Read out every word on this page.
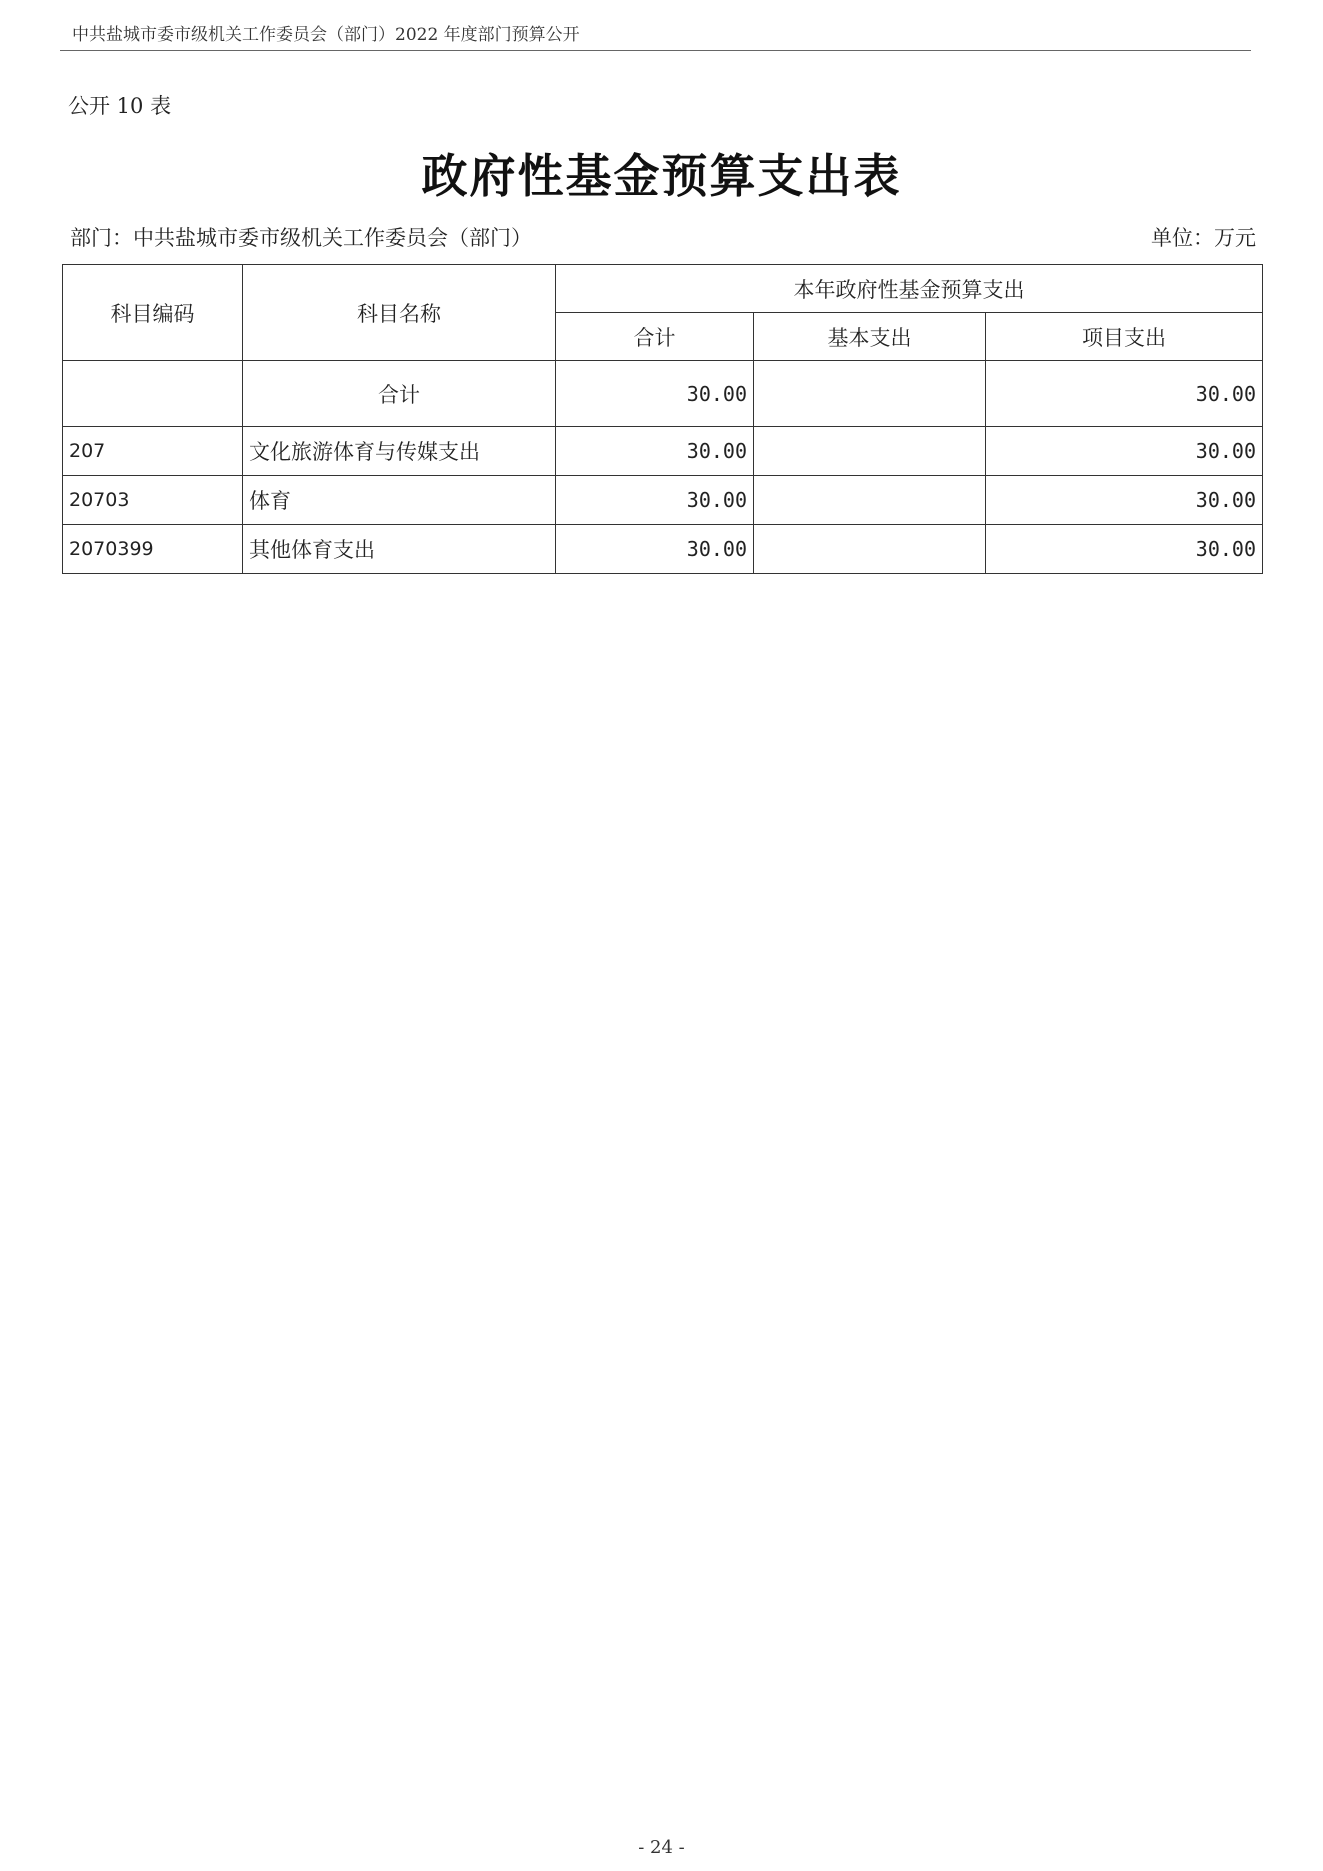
中共盐城市委市级机关工作委员会（部门）2022 年度部门预算公开
公开 10 表
政府性基金预算支出表
部门：中共盐城市委市级机关工作委员会（部门）	单位：万元
科目编码	科目名称	本年政府性基金预算支出		
		合计	基本支出	项目支出
	合计	30.00		30.00
207	文化旅游体育与传媒支出	30.00		30.00
20703	体育	30.00		30.00
2070399	其他体育支出	30.00		30.00
- 24 -
